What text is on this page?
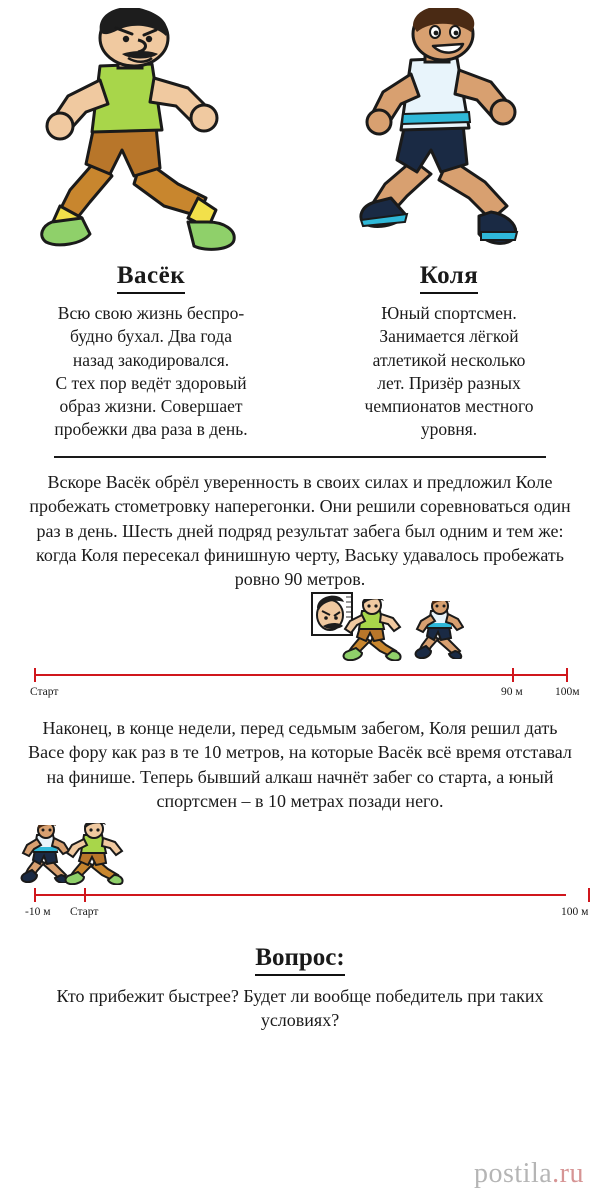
Васёк
Всю свою жизнь беспро-
будно бухал. Два года
назад закодировался.
С тех пор ведёт здоровый
образ жизни. Совершает
пробежки два раза в день.
Коля
Юный спортсмен.
Занимается лёгкой
атлетикой несколько
лет. Призёр разных
чемпионатов местного
уровня.
Вскоре Васёк обрёл уверенность в своих силах и предложил Коле пробежать стометровку наперегонки. Они решили соревноваться один раз в день. Шесть дней подряд результат забега был одним и тем же: когда Коля пересекал финишную черту, Ваську удавалось пробежать ровно 90 метров.
Старт	90 м	100м
Наконец, в конце недели, перед седьмым забегом, Коля решил дать Васе фору как раз в те 10 метров, на которые Васёк всё время отставал на финише. Теперь бывший алкаш начнёт забег со старта, а юный спортсмен – в 10 метрах позади него.
-10 м Старт	100 м
Вопрос:
Кто прибежит быстрее? Будет ли вообще победитель при таких условиях?
postila.ru
